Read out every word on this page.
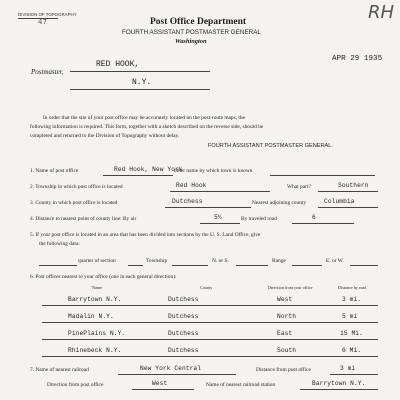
DIVISION OF TOPOGRAPHY
47	Post Office Department
FOURTH ASSISTANT POSTMASTER GENERAL
Washington
RH
APR 29 1935
Postmaster,
RED HOOK,
N.Y.
In order that the site of your post office may be accurately located on the post-route maps, the
following information is required. This form, together with a sketch described on the reverse side, should be
completed and returned to the Division of Topography without delay.
FOURTH ASSISTANT POSTMASTER GENERAL.
1. Name of post office	Red Hook, New York
other name by which town is known
2. Township in which post office is located	Red Hook	What part?	Southern
3. County in which post office is located	Dutchess	Nearest adjoining county	Columbia
4. Distance to nearest point of county line: By air	5½	By traveled road	6
5. If your post office is located in an area that has been divided into sections by the U. S. Land Office, give
the following data:
quarter of section	Township	N. or S.	Range	E. or W.
6. Post offices nearest to your office (one in each general direction):
Name	County	Direction from your office	Distance by road
Barrytown N.Y.	Dutchess	West	3 mi.
Madalin N.Y.	Dutchess	North	5 mi
PinePlains N.Y.	Dutchess	East	15 Mi.
Rhinebeck N.Y.	Dutchess	South	6 Mi.
7. Name of nearest railroad	New York Central	Distance from post office	3 mi
Direction from post office	West	Name of nearest railroad station	Barrytown N.Y.
